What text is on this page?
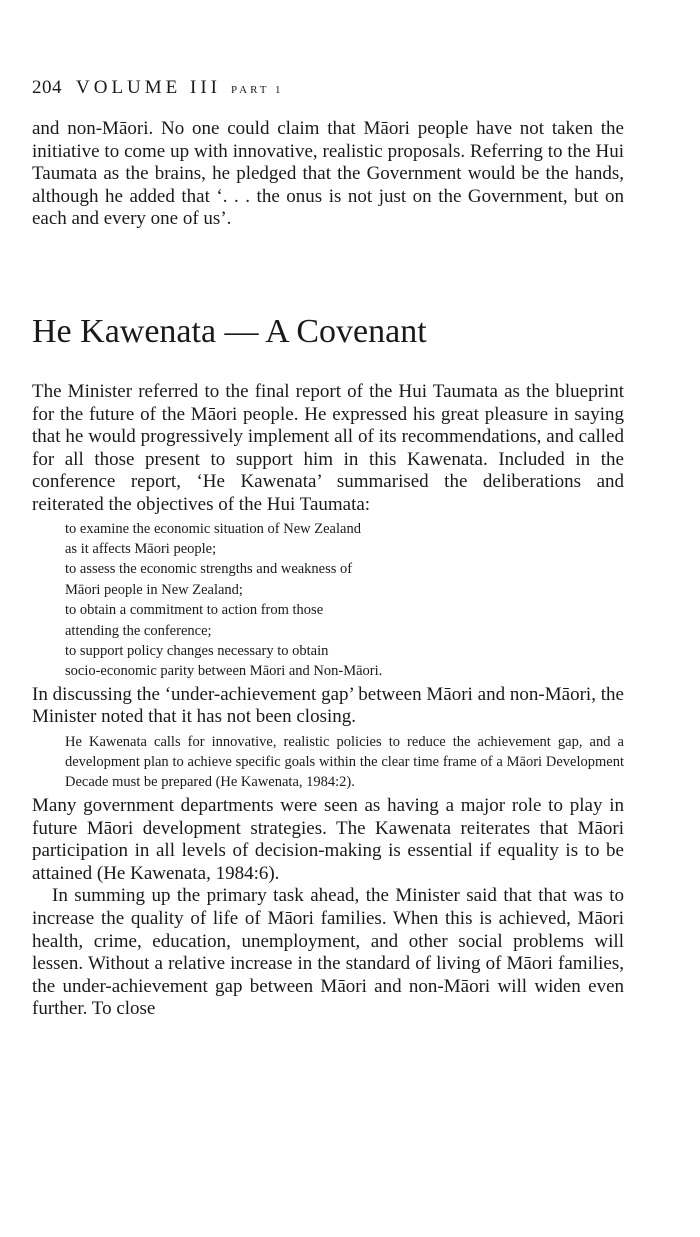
204 VOLUME III PART 1

and non-Māori. No one could claim that Māori people have not taken the initiative to come up with innovative, realistic proposals. Referring to the Hui Taumata as the brains, he pledged that the Government would be the hands, although he added that ‘. . . the onus is not just on the Government, but on each and every one of us’.

He Kawenata — A Covenant

The Minister referred to the final report of the Hui Taumata as the blueprint for the future of the Māori people. He expressed his great pleasure in saying that he would progressively implement all of its recommendations, and called for all those present to support him in this Kawenata. Included in the conference report, ‘He Kawenata’ summarised the deliberations and reiterated the objectives of the Hui Taumata:

to examine the economic situation of New Zealand
as it affects Māori people;
to assess the economic strengths and weakness of
Māori people in New Zealand;
to obtain a commitment to action from those
attending the conference;
to support policy changes necessary to obtain
socio-economic parity between Māori and Non-Māori.

In discussing the ‘under-achievement gap’ between Māori and non-Māori, the Minister noted that it has not been closing.

He Kawenata calls for innovative, realistic policies to reduce the achievement gap, and a development plan to achieve specific goals within the clear time frame of a Māori Development Decade must be prepared (He Kawenata, 1984:2).

Many government departments were seen as having a major role to play in future Māori development strategies. The Kawenata reiterates that Māori participation in all levels of decision-making is essential if equality is to be attained (He Kawenata, 1984:6).

In summing up the primary task ahead, the Minister said that that was to increase the quality of life of Māori families. When this is achieved, Māori health, crime, education, unemployment, and other social problems will lessen. Without a relative increase in the standard of living of Māori families, the under-achievement gap between Māori and non-Māori will widen even further. To close
